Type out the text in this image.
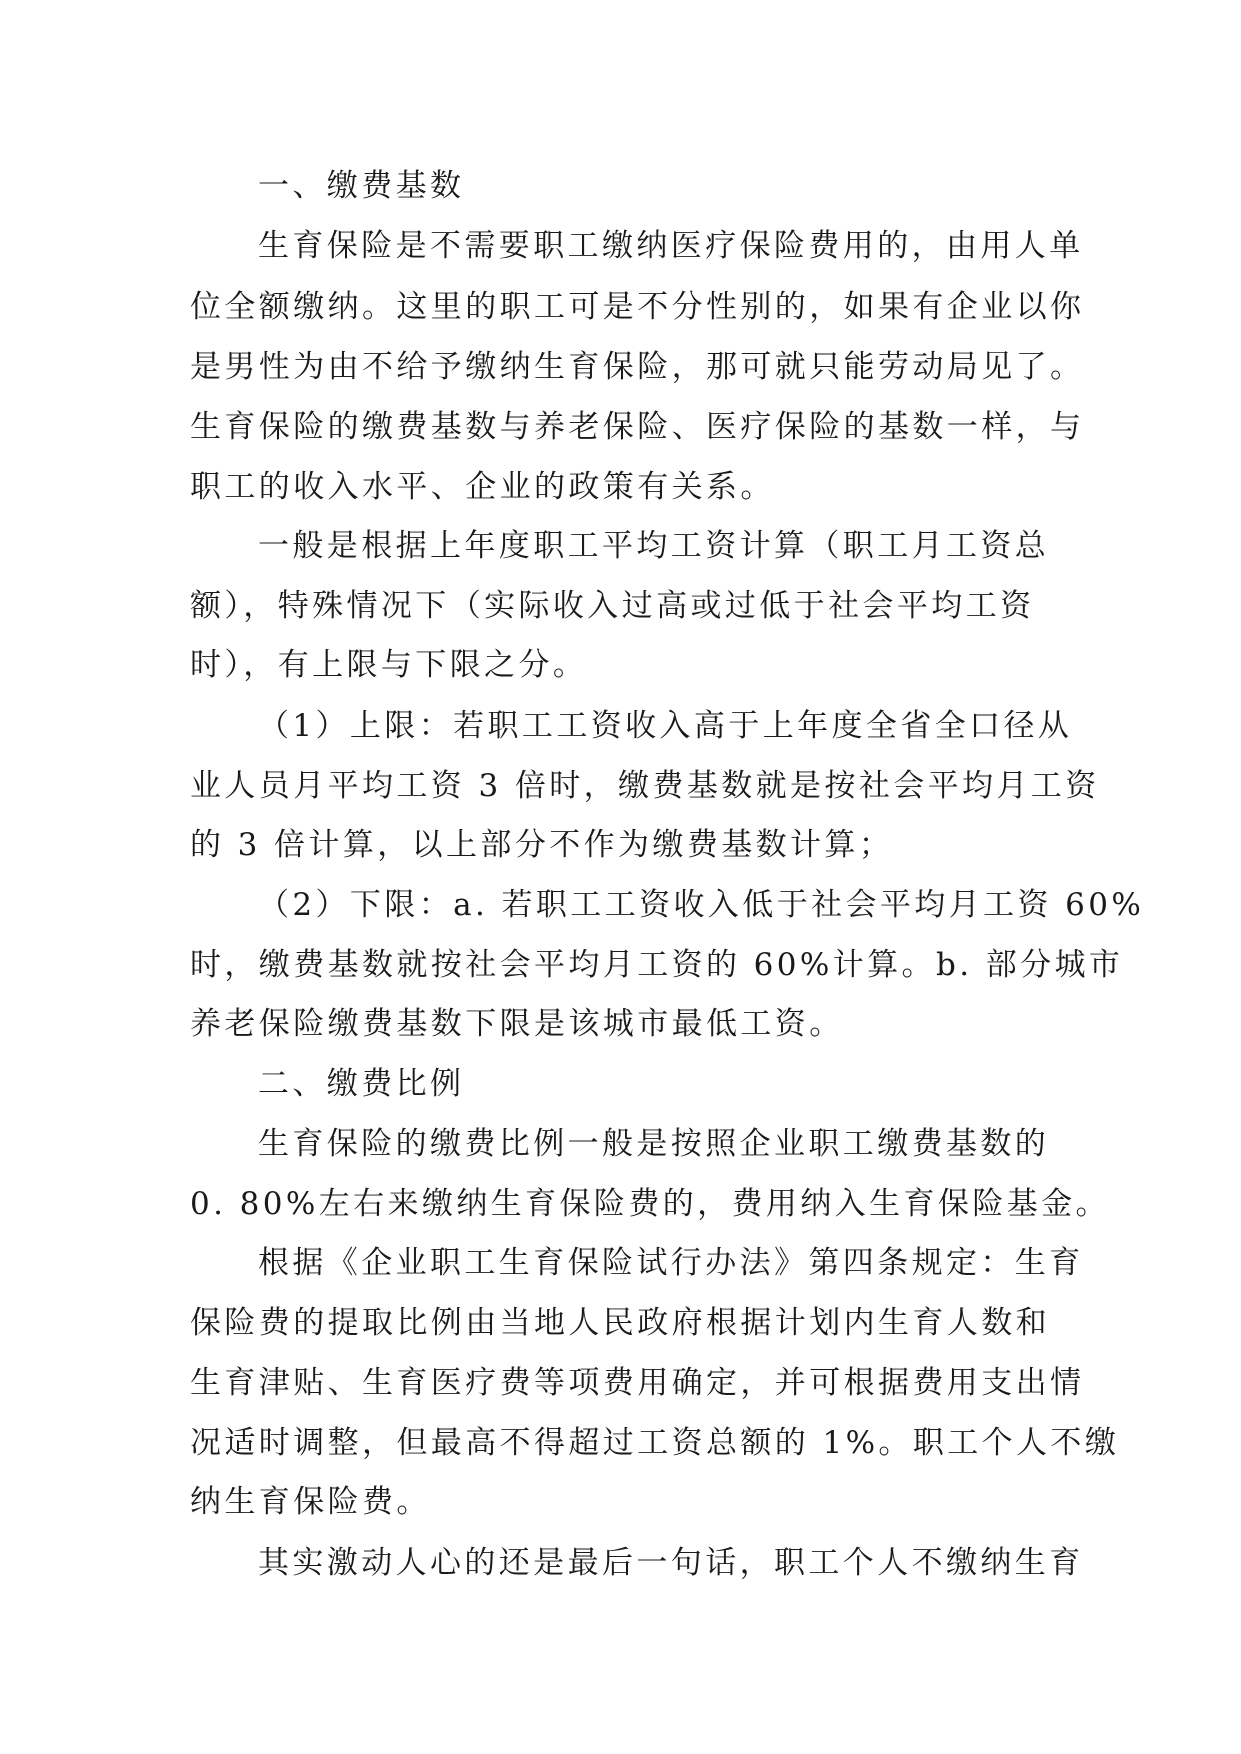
一、缴费基数

生育保险是不需要职工缴纳医疗保险费用的，由用人单

位全额缴纳。这里的职工可是不分性别的，如果有企业以你

是男性为由不给予缴纳生育保险，那可就只能劳动局见了。

生育保险的缴费基数与养老保险、医疗保险的基数一样，与

职工的收入水平、企业的政策有关系。

一般是根据上年度职工平均工资计算（职工月工资总

额），特殊情况下（实际收入过高或过低于社会平均工资

时），有上限与下限之分。

（1）上限：若职工工资收入高于上年度全省全口径从

业人员月平均工资 3 倍时，缴费基数就是按社会平均月工资

的 3 倍计算，以上部分不作为缴费基数计算；

（2）下限：a. 若职工工资收入低于社会平均月工资 60%

时，缴费基数就按社会平均月工资的 60%计算。b. 部分城市

养老保险缴费基数下限是该城市最低工资。

二、缴费比例

生育保险的缴费比例一般是按照企业职工缴费基数的

0. 80%左右来缴纳生育保险费的，费用纳入生育保险基金。

根据《企业职工生育保险试行办法》第四条规定：生育

保险费的提取比例由当地人民政府根据计划内生育人数和

生育津贴、生育医疗费等项费用确定，并可根据费用支出情

况适时调整，但最高不得超过工资总额的 1%。职工个人不缴

纳生育保险费。

其实激动人心的还是最后一句话，职工个人不缴纳生育
